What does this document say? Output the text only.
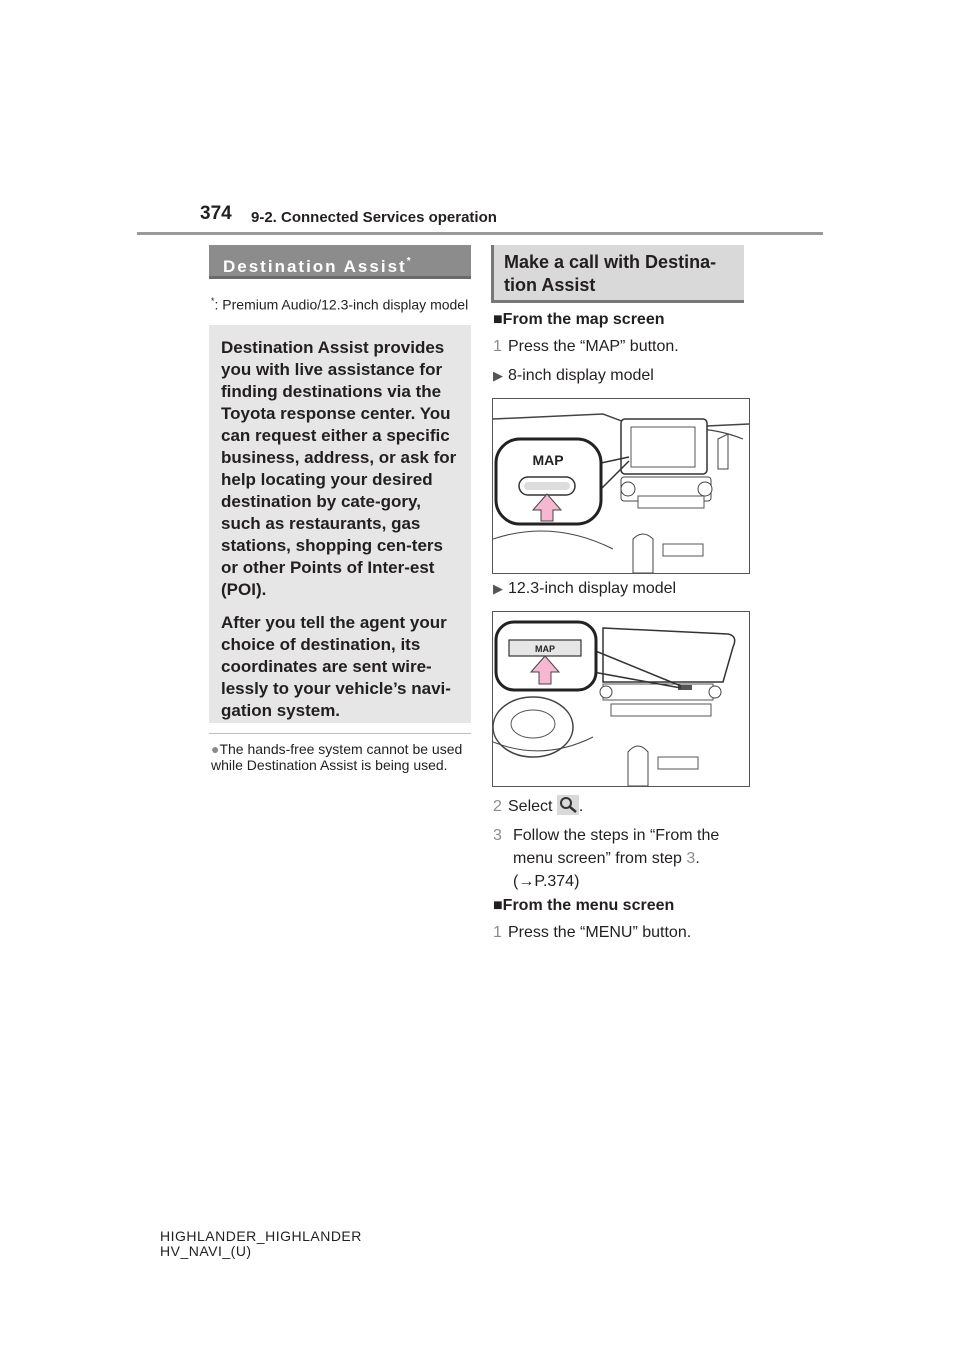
374 9-2. Connected Services operation
Destination Assist*
*: Premium Audio/12.3-inch display model

Destination Assist provides you with live assistance for finding destinations via the Toyota response center. You can request either a specific business, address, or ask for help locating your desired destination by cate-gory, such as restaurants, gas stations, shopping cen-ters or other Points of Inter-est (POI).

After you tell the agent your choice of destination, its coordinates are sent wire-lessly to your vehicle’s navi-gation system.

●The hands-free system cannot be used while Destination Assist is being used.
Make a call with Destina-tion Assist
■From the map screen
1 Press the “MAP” button.
▶ 8-inch display model
MAP
▶ 12.3-inch display model
MAP
2 Select .
3 Follow the steps in “From the menu screen” from step 3.
(→P.374)
■From the menu screen
1 Press the “MENU” button.
HIGHLANDER_HIGHLANDER
HV_NAVI_(U)
